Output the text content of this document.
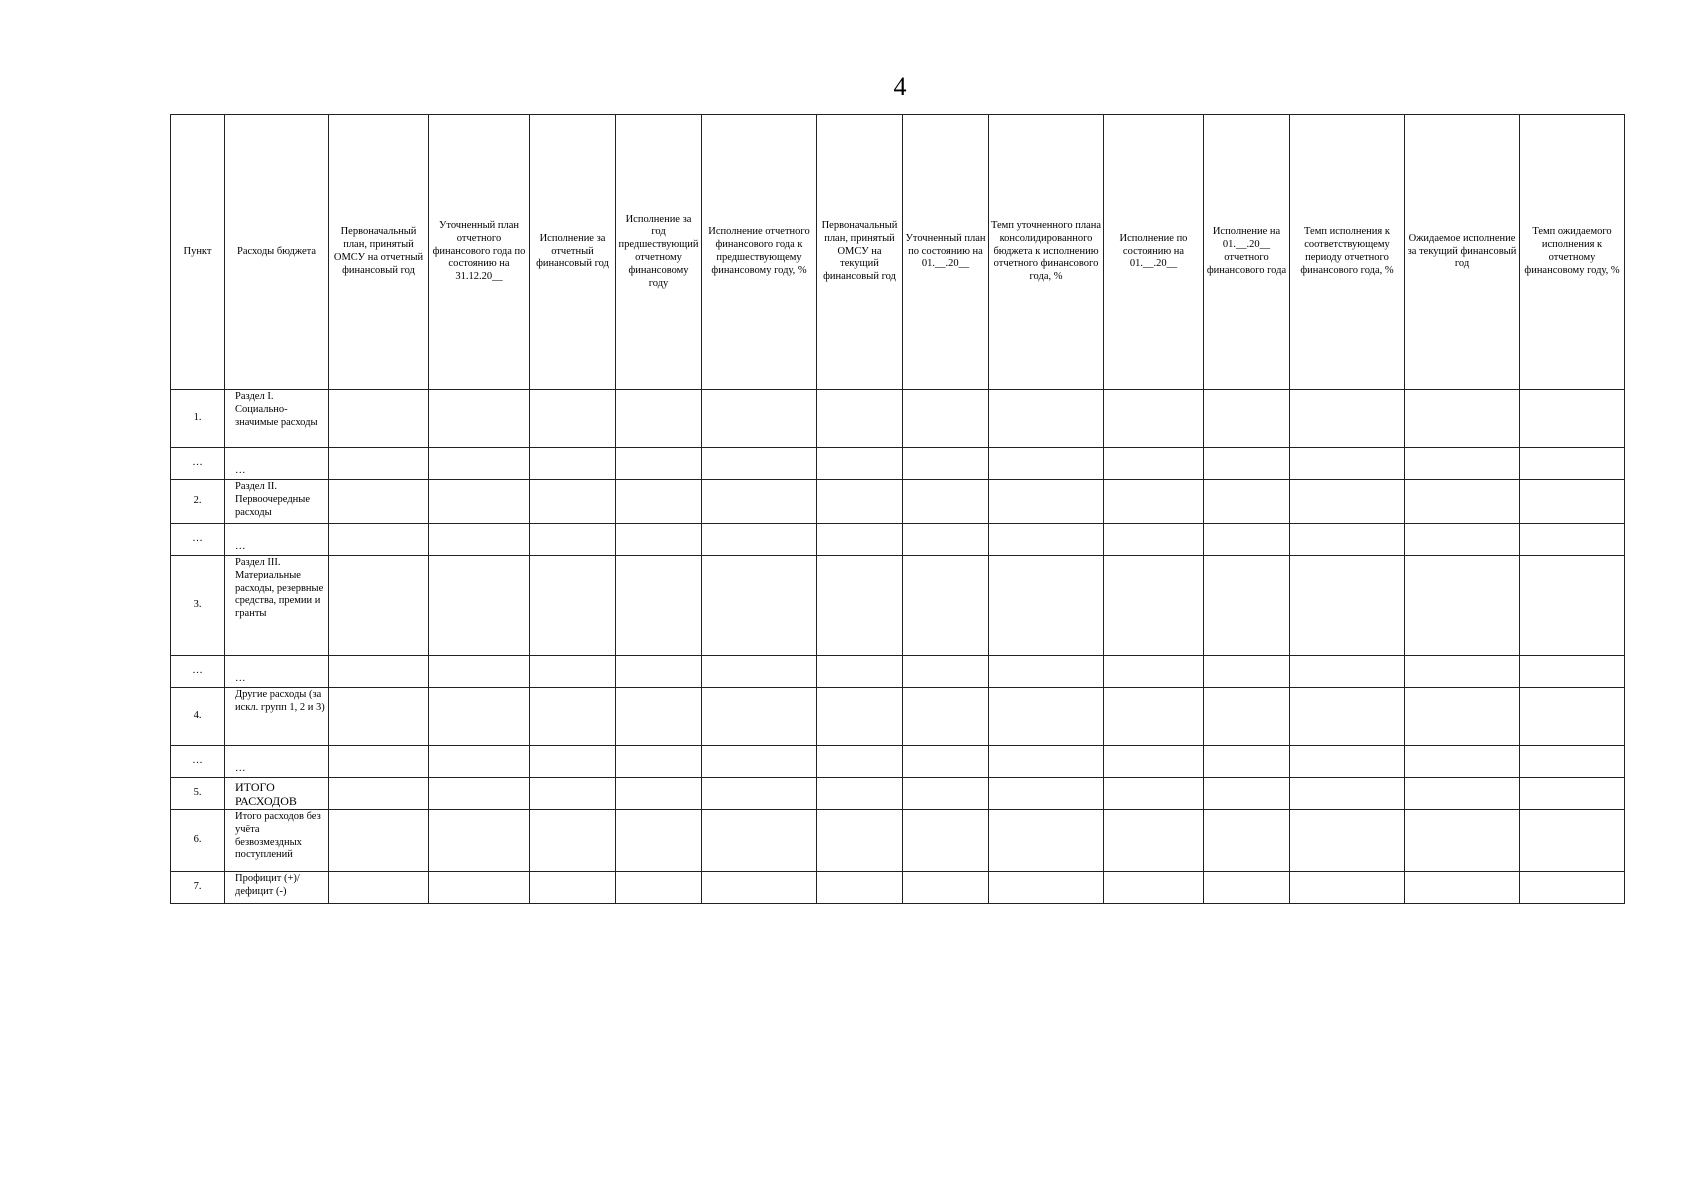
4
Пункт	Расходы бюджета	Первоначальный план, принятый ОМСУ на отчетный финансовый год	Уточненный план отчетного финансового года по состоянию на 31.12.20__	Исполнение за отчетный финансовый год	Исполнение за год предшествующий отчетному финансовому году	Исполнение отчетного финансового года к предшествующему финансовому году, %	Первоначальный план, принятый ОМСУ на текущий финансовый год	Уточненный план по состоянию на 01.__.20__	Темп уточненного плана консолидированного бюджета к исполнению отчетного финансового года, %	Исполнение по состоянию на 01.__.20__	Исполнение на 01.__.20__ отчетного финансового года	Темп исполнения к соответствующему периоду отчетного финансового года, %	Ожидаемое исполнение за текущий финансовый год	Темп ожидаемого исполнения к отчетному финансовому году, %
1.	Раздел I. Социально-значимые расходы													
…	…													
2.	Раздел II. Первоочередные расходы													
…	…													
3.	Раздел III. Материальные расходы, резервные средства, премии и гранты													
…	…													
4.	Другие расходы (за искл. групп 1, 2 и 3)													
…	…													
5.	ИТОГО РАСХОДОВ													
6.	Итого расходов без учёта безвозмездных поступлений													
7.	Профицит (+)/дефицит (-)													
